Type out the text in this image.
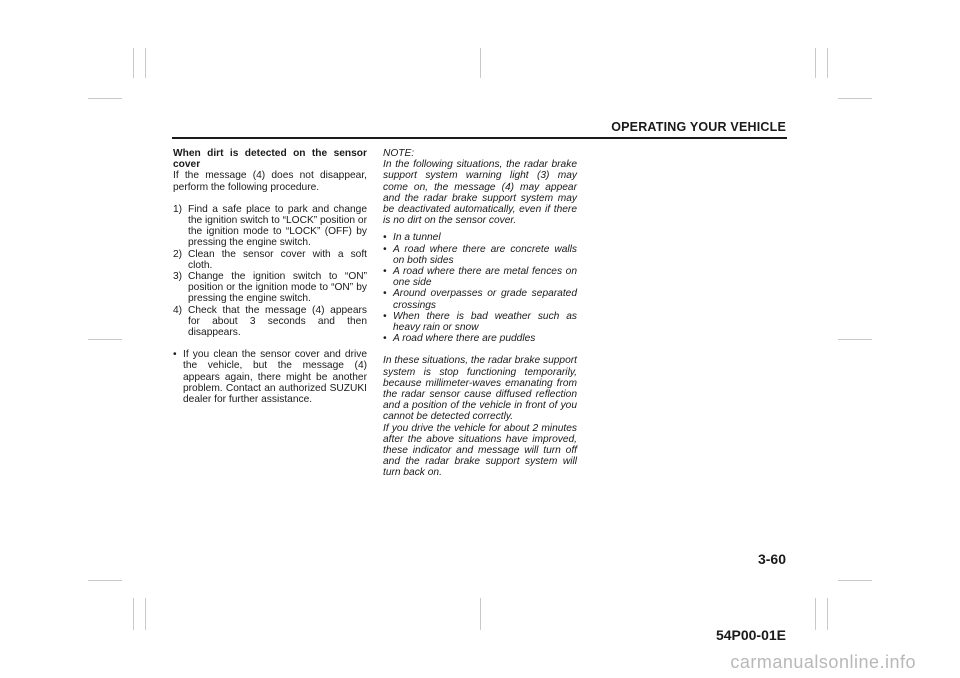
OPERATING YOUR VEHICLE

When dirt is detected on the sensor cover

If the message (4) does not disappear, perform the following procedure.

1) Find a safe place to park and change the ignition switch to “LOCK” position or the ignition mode to “LOCK” (OFF) by pressing the engine switch.
2) Clean the sensor cover with a soft cloth.
3) Change the ignition switch to “ON” position or the ignition mode to “ON” by pressing the engine switch.
4) Check that the message (4) appears for about 3 seconds and then disappears.
• If you clean the sensor cover and drive the vehicle, but the message (4) appears again, there might be another problem. Contact an authorized SUZUKI dealer for further assistance.

NOTE:

In the following situations, the radar brake support system warning light (3) may come on, the message (4) may appear and the radar brake support system may be deactivated automatically, even if there is no dirt on the sensor cover.

• In a tunnel
• A road where there are concrete walls on both sides
• A road where there are metal fences on one side
• Around overpasses or grade separated crossings
• When there is bad weather such as heavy rain or snow
• A road where there are puddles

In these situations, the radar brake support system is stop functioning temporarily, because millimeter-waves emanating from the radar sensor cause diffused reflection and a position of the vehicle in front of you cannot be detected correctly.

If you drive the vehicle for about 2 minutes after the above situations have improved, these indicator and message will turn off and the radar brake support system will turn back on.

3-60
54P00-01E
carmanualsonline.info
